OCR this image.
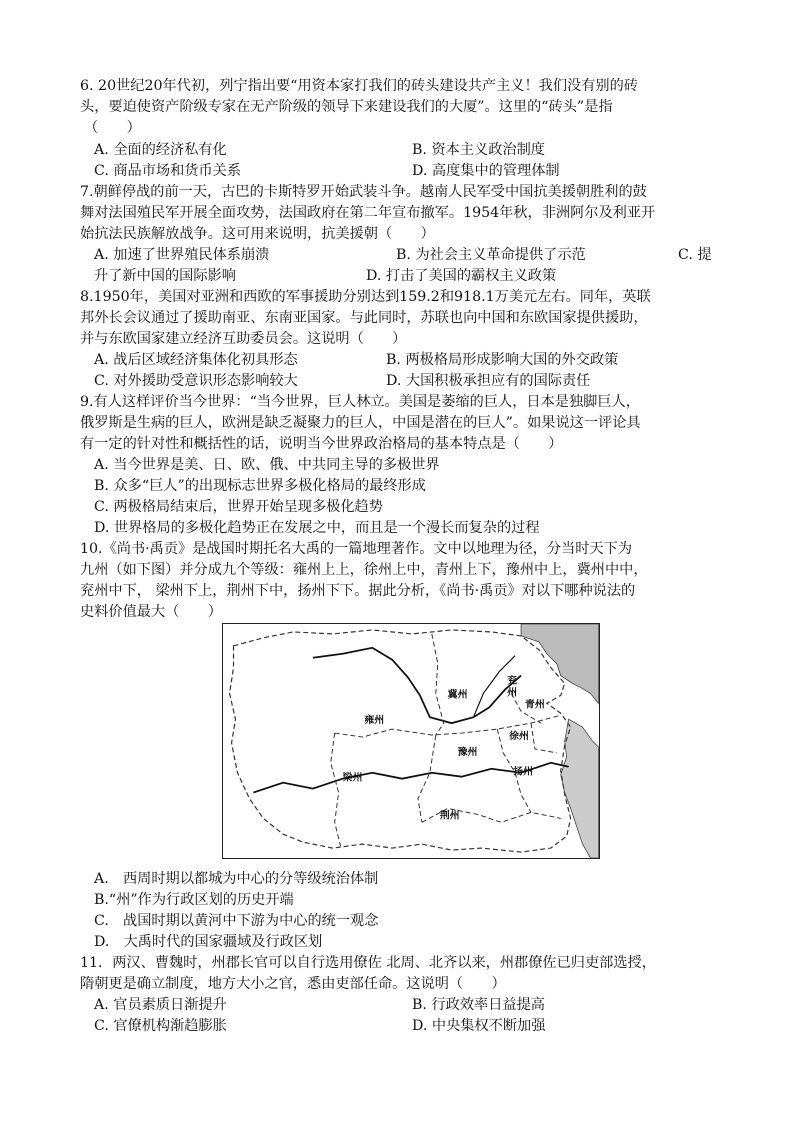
6. 20世纪20年代初，列宁指出要“用资本家打我们的砖头建设共产主义！我们没有别的砖
头，要迫使资产阶级专家在无产阶级的领导下来建设我们的大厦”。这里的“砖头”是指
（　　）
A. 全面的经济私有化	B. 资本主义政治制度
C. 商品市场和货币关系	D. 高度集中的管理体制
7.朝鲜停战的前一天，古巴的卡斯特罗开始武装斗争。越南人民军受中国抗美援朝胜利的鼓
舞对法国殖民军开展全面攻势，法国政府在第二年宣布撤军。1954年秋，非洲阿尔及利亚开
始抗法民族解放战争。这可用来说明，抗美援朝（　　）
A. 加速了世界殖民体系崩溃	B. 为社会主义革命提供了示范	C. 提
升了新中国的国际影响	D. 打击了美国的霸权主义政策
8.1950年，美国对亚洲和西欧的军事援助分别达到159.2和918.1万美元左右。同年，英联
邦外长会议通过了援助南亚、东南亚国家。与此同时，苏联也向中国和东欧国家提供援助，
并与东欧国家建立经济互助委员会。这说明（　　）
A. 战后区域经济集体化初具形态	B. 两极格局形成影响大国的外交政策
C. 对外援助受意识形态影响较大	D. 大国积极承担应有的国际责任
9.有人这样评价当今世界：“当今世界，巨人林立。美国是萎缩的巨人，日本是独脚巨人，
俄罗斯是生病的巨人，欧洲是缺乏凝聚力的巨人，中国是潜在的巨人”。如果说这一评论具
有一定的针对性和概括性的话，说明当今世界政治格局的基本特点是（　　）
A. 当今世界是美、日、欧、俄、中共同主导的多极世界
B. 众多“巨人”的出现标志世界多极化格局的最终形成
C. 两极格局结束后，世界开始呈现多极化趋势
D. 世界格局的多极化趋势正在发展之中，而且是一个漫长而复杂的过程
10.《尚书·禹贡》是战国时期托名大禹的一篇地理著作。文中以地理为径，分当时天下为
九州（如下图）并分成九个等级：雍州上上，徐州上中，青州上下，豫州中上，冀州中中，
兖州中下， 梁州下上，荆州下中，扬州下下。据此分析，《尚书·禹贡》对以下哪种说法的
史料价值最大（　　）
雍州
冀州
兖
州
青州
徐州
豫州
梁州
扬州
荆州
A.　西周时期以都城为中心的分等级统治体制
B.“州”作为行政区划的历史开端
C.　战国时期以黄河中下游为中心的统一观念
D.　大禹时代的国家疆域及行政区划
11．两汉、曹魏时，州郡长官可以自行选用僚佐 北周、北齐以来，州郡僚佐已归吏部选授，
隋朝更是确立制度，地方大小之官，悉由吏部任命。这说明（　　）
A. 官员素质日渐提升	B. 行政效率日益提高
C. 官僚机构渐趋膨胀	D. 中央集权不断加强
